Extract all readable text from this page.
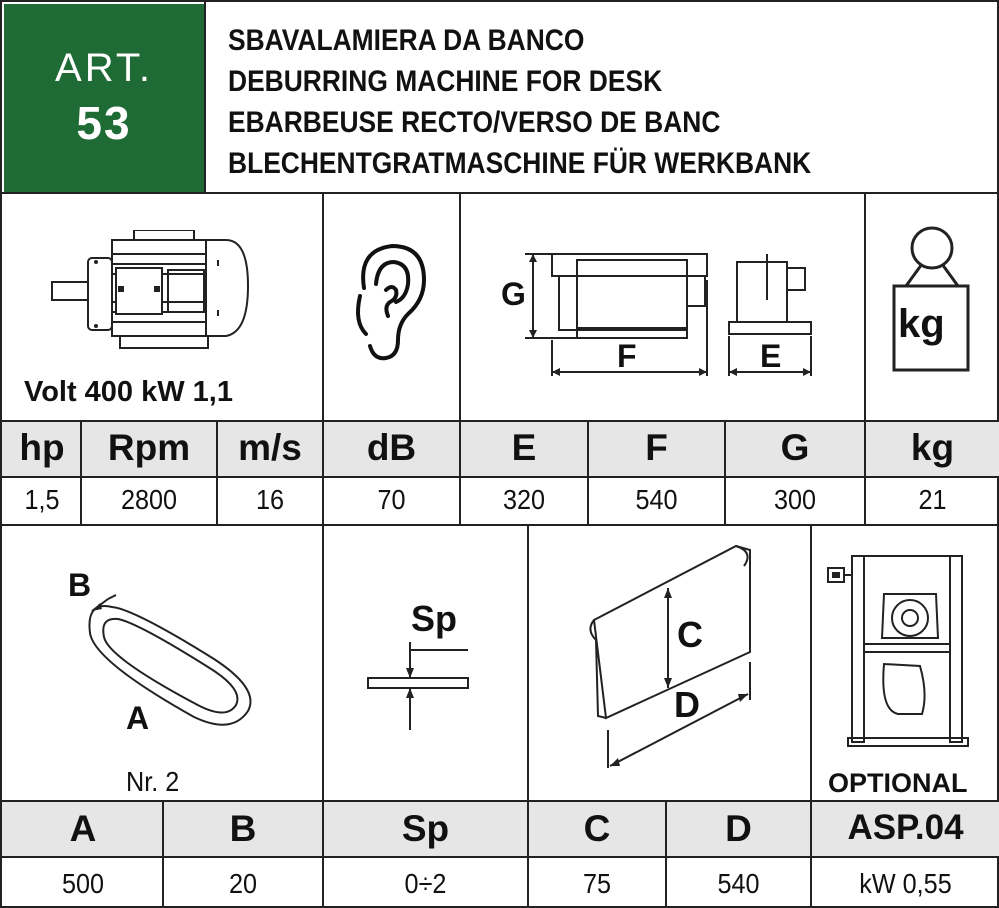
ART.
53
SBAVALAMIERA DA BANCO
DEBURRING MACHINE FOR DESK
EBARBEUSE RECTO/VERSO DE BANC
BLECHENTGRATMASCHINE FÜR WERKBANK
Volt 400 kW 1,1
G
F	E
kg
hp	Rpm	m/s	dB	E	F	G	kg
1,5	2800	16	70	320	540	300	21
B
A
Nr. 2
Sp	C
D
OPTIONAL
A	B	Sp	C	D	ASP.04
500	20	0÷2	75	540	kW 0,55
